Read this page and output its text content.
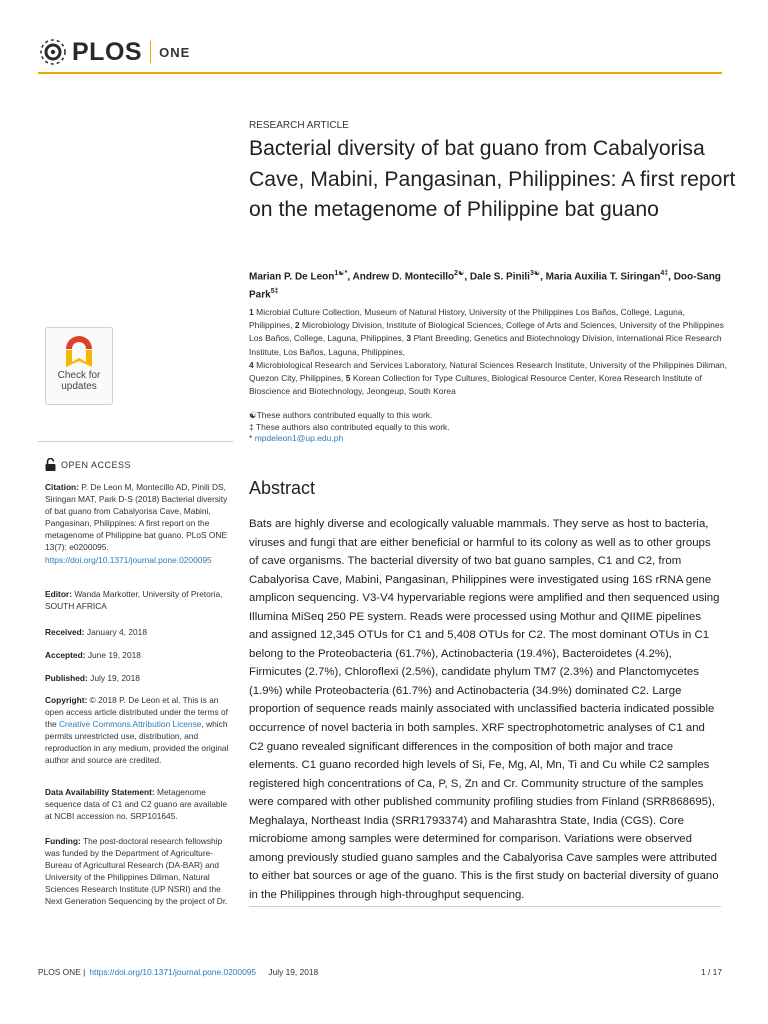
PLOS ONE
Check for updates
OPEN ACCESS
Citation: P. De Leon M, Montecillo AD, Pinili DS, Siringan MAT, Park D-S (2018) Bacterial diversity of bat guano from Cabalyorisa Cave, Mabini, Pangasinan, Philippines: A first report on the metagenome of Philippine bat guano. PLoS ONE 13(7): e0200095. https://doi.org/10.1371/journal.pone.0200095
Editor: Wanda Markotter, University of Pretoria, SOUTH AFRICA
Received: January 4, 2018
Accepted: June 19, 2018
Published: July 19, 2018
Copyright: © 2018 P. De Leon et al. This is an open access article distributed under the terms of the Creative Commons Attribution License, which permits unrestricted use, distribution, and reproduction in any medium, provided the original author and source are credited.
Data Availability Statement: Metagenome sequence data of C1 and C2 guano are available at NCBI accession no. SRP101645.
Funding: The post-doctoral research fellowship was funded by the Department of Agriculture-Bureau of Agricultural Research (DA-BAR) and University of the Philippines Diliman, Natural Sciences Research Institute (UP NSRI) and the Next Generation Sequencing by the project of Dr.
RESEARCH ARTICLE
Bacterial diversity of bat guano from Cabalyorisa Cave, Mabini, Pangasinan, Philippines: A first report on the metagenome of Philippine bat guano
Marian P. De Leon$^{1☯*}$, Andrew D. Montecillo$^{2☯}$, Dale S. Pinili$^{3☯}$, Maria Auxilia T. Siringan$^{4\ddagger}$, Doo-Sang Park$^{5\ddagger}$
1 Microbial Culture Collection, Museum of Natural History, University of the Philippines Los Baños, College, Laguna, Philippines, 2 Microbiology Division, Institute of Biological Sciences, College of Arts and Sciences, University of the Philippines Los Baños, College, Laguna, Philippines, 3 Plant Breeding, Genetics and Biotechnology Division, International Rice Research Institute, Los Baños, Laguna, Philippines,
4 Microbiological Research and Services Laboratory, Natural Sciences Research Institute, University of the Philippines Diliman, Quezon City, Philippines, 5 Korean Collection for Type Cultures, Biological Resource Center, Korea Research Institute of Bioscience and Biotechnology, Jeongeup, South Korea
☯These authors contributed equally to this work.
‡ These authors also contributed equally to this work.
* mpdeleon1@up.edu.ph
Abstract
Bats are highly diverse and ecologically valuable mammals. They serve as host to bacteria, viruses and fungi that are either beneficial or harmful to its colony as well as to other groups of cave organisms. The bacterial diversity of two bat guano samples, C1 and C2, from Cabalyorisa Cave, Mabini, Pangasinan, Philippines were investigated using 16S rRNA gene amplicon sequencing. V3-V4 hypervariable regions were amplified and then sequenced using Illumina MiSeq 250 PE system. Reads were processed using Mothur and QIIME pipelines and assigned 12,345 OTUs for C1 and 5,408 OTUs for C2. The most dominant OTUs in C1 belong to the Proteobacteria (61.7%), Actinobacteria (19.4%), Bacteroidetes (4.2%), Firmicutes (2.7%), Chloroflexi (2.5%), candidate phylum TM7 (2.3%) and Planctomycetes (1.9%) while Proteobacteria (61.7%) and Actinobacteria (34.9%) dominated C2. Large proportion of sequence reads mainly associated with unclassified bacteria indicated possible occurrence of novel bacteria in both samples. XRF spectrophotometric analyses of C1 and C2 guano revealed significant differences in the composition of both major and trace elements. C1 guano recorded high levels of Si, Fe, Mg, Al, Mn, Ti and Cu while C2 samples registered high concentrations of Ca, P, S, Zn and Cr. Community structure of the samples were compared with other published community profiling studies from Finland (SRR868695), Meghalaya, Northeast India (SRR1793374) and Maharashtra State, India (CGS). Core microbiome among samples were determined for comparison. Variations were observed among previously studied guano samples and the Cabalyorisa Cave samples were attributed to either bat sources or age of the guano. This is the first study on bacterial diversity of guano in the Philippines through high-throughput sequencing.
PLOS ONE | https://doi.org/10.1371/journal.pone.0200095 July 19, 2018	1 / 17
